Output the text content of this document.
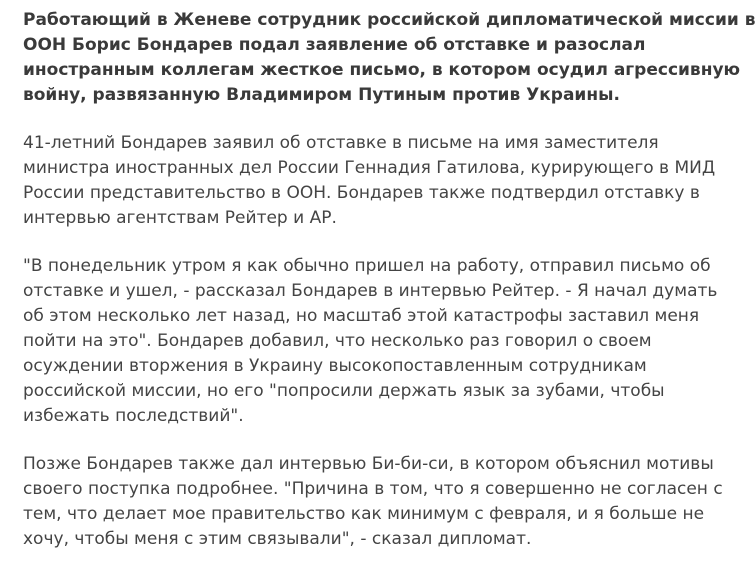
Работающий в Женеве сотрудник российской дипломатической миссии в
ООН Борис Бондарев подал заявление об отставке и разослал
иностранным коллегам жесткое письмо, в котором осудил агрессивную
войну, развязанную Владимиром Путиным против Украины.

41-летний Бондарев заявил об отставке в письме на имя заместителя
министра иностранных дел России Геннадия Гатилова, курирующего в МИД
России представительство в ООН. Бондарев также подтвердил отставку в
интервью агентствам Рейтер и АР.

"В понедельник утром я как обычно пришел на работу, отправил письмо об
отставке и ушел, - рассказал Бондарев в интервью Рейтер. - Я начал думать
об этом несколько лет назад, но масштаб этой катастрофы заставил меня
пойти на это". Бондарев добавил, что несколько раз говорил о своем
осуждении вторжения в Украину высокопоставленным сотрудникам
российской миссии, но его "попросили держать язык за зубами, чтобы
избежать последствий".

Позже Бондарев также дал интервью Би-би-си, в котором объяснил мотивы
своего поступка подробнее. "Причина в том, что я совершенно не согласен с
тем, что делает мое правительство как минимум с февраля, и я больше не
хочу, чтобы меня с этим связывали", - сказал дипломат.
